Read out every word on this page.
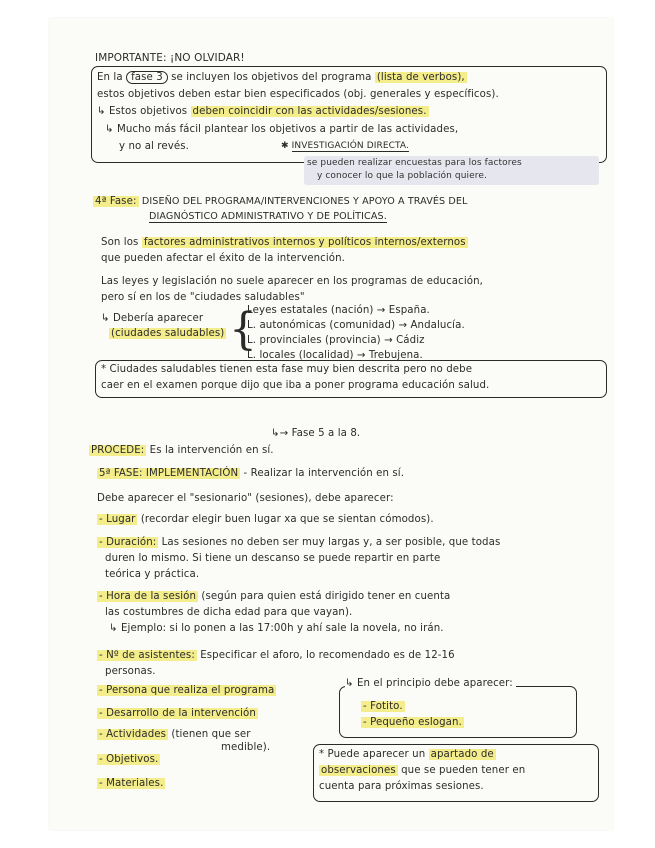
IMPORTANTE: ¡NO OLVIDAR!
En la fase 3 se incluyen los objetivos del programa (lista de verbos),
estos objetivos deben estar bien especificados (obj. generales y específicos).
↳ Estos objetivos deben coincidir con las actividades/sesiones.
↳ Mucho más fácil plantear los objetivos a partir de las actividades,
y no al revés.	✱ INVESTIGACIÓN DIRECTA.
se pueden realizar encuestas para los factores
y conocer lo que la población quiere.
4ª Fase: DISEÑO DEL PROGRAMA/INTERVENCIONES Y APOYO A TRAVÉS DEL
DIAGNÓSTICO ADMINISTRATIVO Y DE POLÍTICAS.
Son los factores administrativos internos y políticos internos/externos
que pueden afectar el éxito de la intervención.
Las leyes y legislación no suele aparecer en los programas de educación,
pero sí en los de "ciudades saludables"
↳ Debería aparecer
(ciudades saludables) {
Leyes estatales (nación) → España.
L. autonómicas (comunidad) → Andalucía.
L. provinciales (provincia) → Cádiz
L. locales (localidad) → Trebujena.
* Ciudades saludables tienen esta fase muy bien descrita pero no debe
caer en el examen porque dijo que iba a poner programa educación salud.
↳→ Fase 5 a la 8.
PROCEDE: Es la intervención en sí.
5ª FASE: IMPLEMENTACIÓN - Realizar la intervención en sí.
Debe aparecer el "sesionario" (sesiones), debe aparecer:
- Lugar (recordar elegir buen lugar xa que se sientan cómodos).
- Duración: Las sesiones no deben ser muy largas y, a ser posible, que todas
duren lo mismo. Si tiene un descanso se puede repartir en parte
teórica y práctica.
- Hora de la sesión (según para quien está dirigido tener en cuenta
las costumbres de dicha edad para que vayan).
↳ Ejemplo: si lo ponen a las 17:00h y ahí sale la novela, no irán.
- Nº de asistentes: Especificar el aforo, lo recomendado es de 12-16
personas.
- Persona que realiza el programa
- Desarrollo de la intervención
- Actividades (tienen que ser
medible).
- Objetivos.
- Materiales.
↳ En el principio debe aparecer:
- Fotito.
- Pequeño eslogan.
* Puede aparecer un apartado de
observaciones que se pueden tener en
cuenta para próximas sesiones.
